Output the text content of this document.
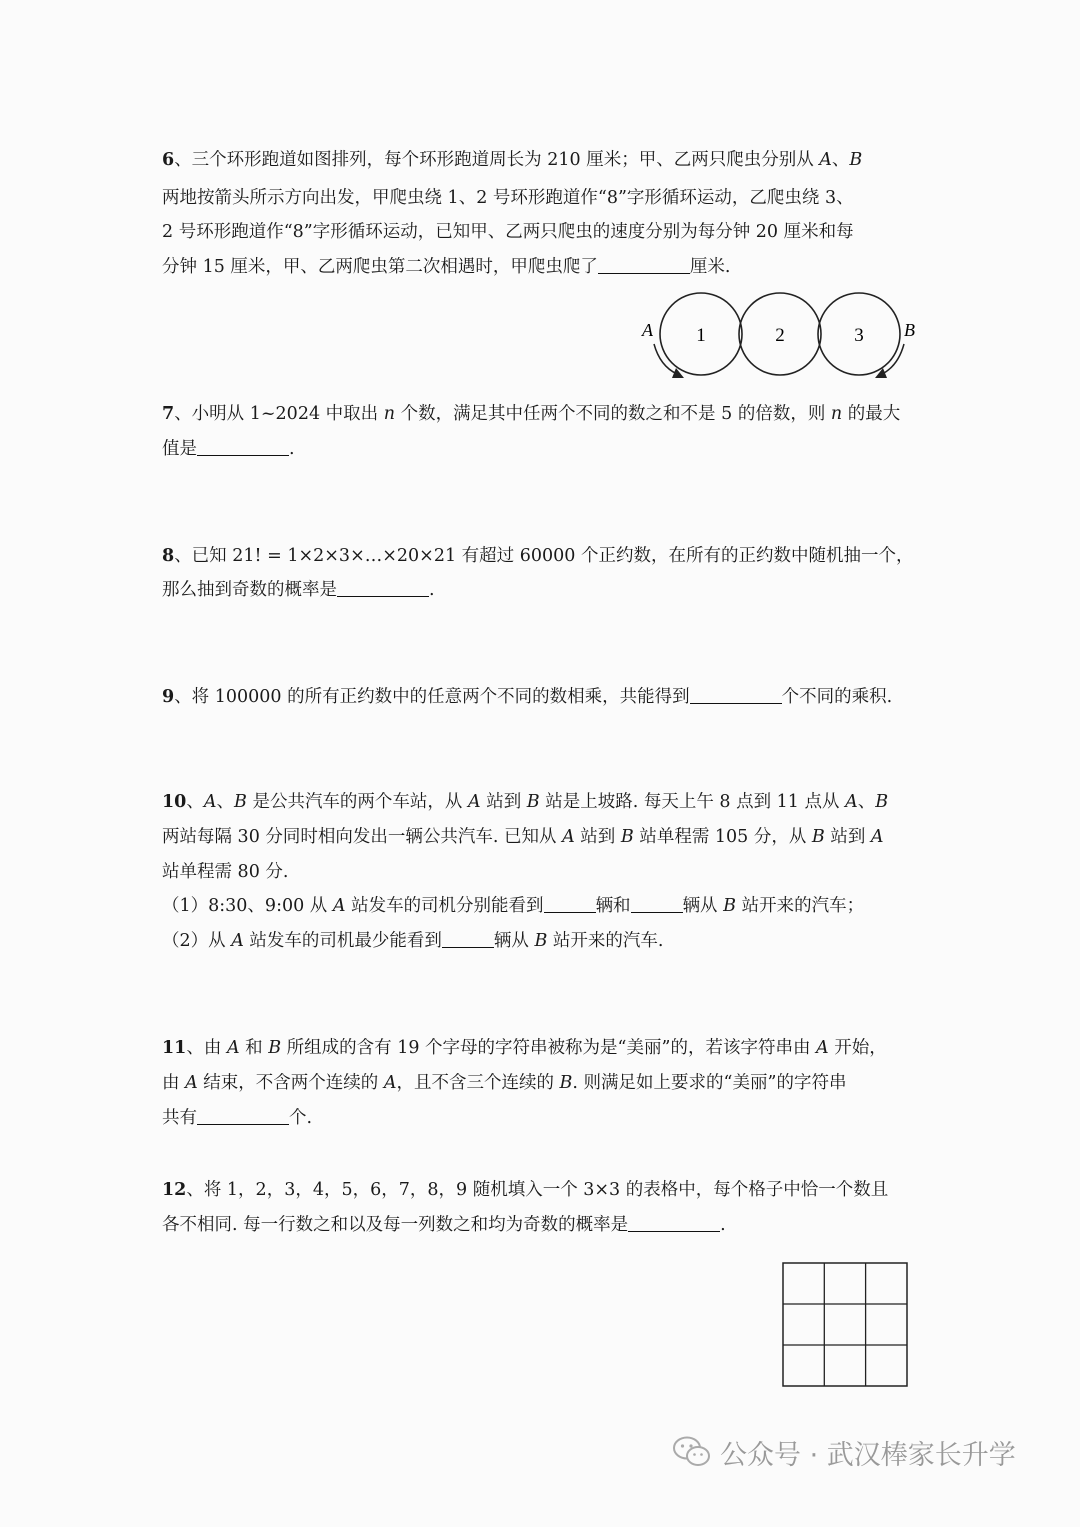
6、三个环形跑道如图排列，每个环形跑道周长为 210 厘米；甲、乙两只爬虫分别从 A、B
两地按箭头所示方向出发，甲爬虫绕 1、2 号环形跑道作“8”字形循环运动，乙爬虫绕 3、
2 号环形跑道作“8”字形循环运动，已知甲、乙两只爬虫的速度分别为每分钟 20 厘米和每
分钟 15 厘米，甲、乙两爬虫第二次相遇时，甲爬虫爬了	厘米.
1	2	3
A	B
7、小明从 1~2024 中取出 n 个数，满足其中任两个不同的数之和不是 5 的倍数，则 n 的最大
值是	.
8 、已知 21! = 1×2×3×…×20×21 有超过 60000 个正约数，在所有的正约数中随机抽一个，
那么抽到奇数的概率是	.
9 、将 100000 的所有正约数中的任意两个不同的数相乘，共能得到	个不同的乘积.
10、A、B 是公共汽车的两个车站，从 A 站到 B 站是上坡路. 每天上午 8 点到 11 点从 A、B
两站每隔 30 分同时相向发出一辆公共汽车. 已知从 A 站到 B 站单程需 105 分，从 B 站到 A
站单程需 80 分.
（1）8:30、9:00 从 A 站发车的司机分别能看到	辆和	辆从 B 站开来的汽车；
（2）从 A 站发车的司机最少能看到	辆从 B 站开来的汽车.
11、由 A 和 B 所组成的含有 19 个字母的字符串被称为是“美丽”的，若该字符串由 A 开始，
由 A 结束，不含两个连续的 A，且不含三个连续的 B. 则满足如上要求的“美丽”的字符串
共有	个.
12 、将 1，2，3，4，5，6，7，8，9 随机填入一个 3×3 的表格中，每个格子中恰一个数且
各不相同. 每一行数之和以及每一列数之和均为奇数的概率是	.
公众号 · 武汉棒家长升学
